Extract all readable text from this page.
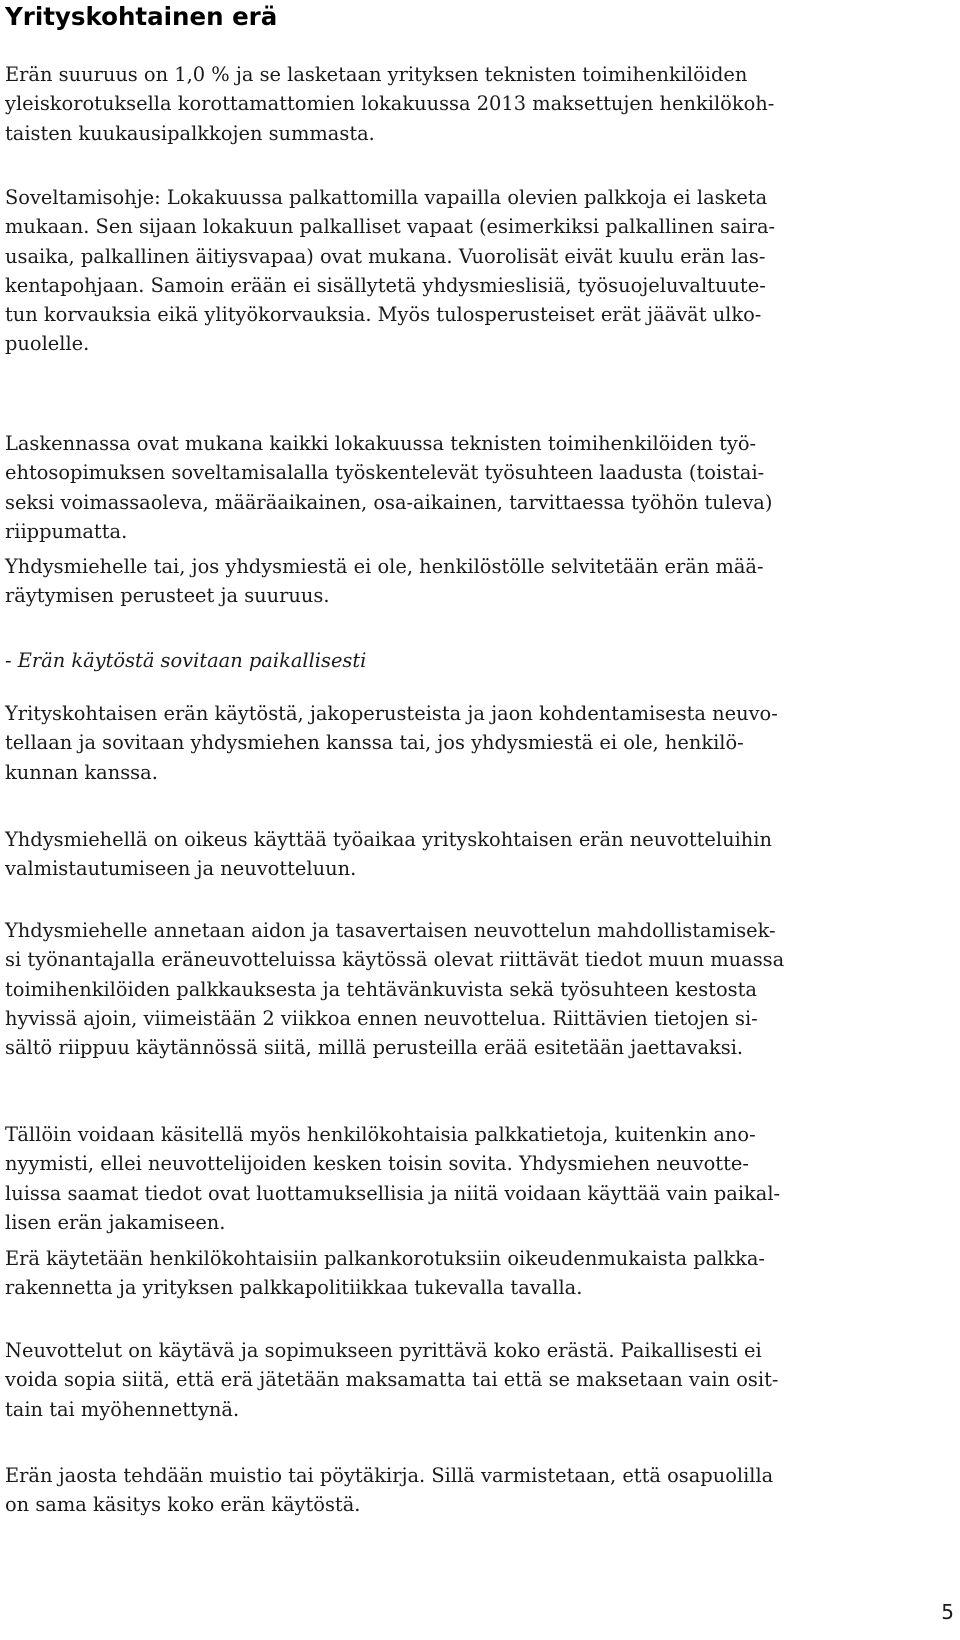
Yrityskohtainen erä
Erän suuruus on 1,0 % ja se lasketaan yrityksen teknisten toimihenkilöiden
yleiskorotuksella korottamattomien lokakuussa 2013 maksettujen henkilökoh-
taisten kuukausipalkkojen summasta.
Soveltamisohje: Lokakuussa palkattomilla vapailla olevien palkkoja ei lasketa
mukaan. Sen sijaan lokakuun palkalliset vapaat (esimerkiksi palkallinen saira-
usaika, palkallinen äitiysvapaa) ovat mukana. Vuorolisät eivät kuulu erän las-
kentapohjaan. Samoin erään ei sisällytetä yhdysmieslisiä, työsuojeluvaltuute-
tun korvauksia eikä ylityökorvauksia. Myös tulosperusteiset erät jäävät ulko-
puolelle.
Laskennassa ovat mukana kaikki lokakuussa teknisten toimihenkilöiden työ-
ehtosopimuksen soveltamisalalla työskentelevät työsuhteen laadusta (toistai-
seksi voimassaoleva, määräaikainen, osa-aikainen, tarvittaessa työhön tuleva)
riippumatta.
Yhdysmiehelle tai, jos yhdysmiestä ei ole, henkilöstölle selvitetään erän mää-
räytymisen perusteet ja suuruus.
- Erän käytöstä sovitaan paikallisesti
Yrityskohtaisen erän käytöstä, jakoperusteista ja jaon kohdentamisesta neuvo-
tellaan ja sovitaan yhdysmiehen kanssa tai, jos yhdysmiestä ei ole, henkilö-
kunnan kanssa.
Yhdysmiehellä on oikeus käyttää työaikaa yrityskohtaisen erän neuvotteluihin
valmistautumiseen ja neuvotteluun.
Yhdysmiehelle annetaan aidon ja tasavertaisen neuvottelun mahdollistamisek-
si työnantajalla eräneuvotteluissa käytössä olevat riittävät tiedot muun muassa
toimihenkilöiden palkkauksesta ja tehtävänkuvista sekä työsuhteen kestosta
hyvissä ajoin, viimeistään 2 viikkoa ennen neuvottelua. Riittävien tietojen si-
sältö riippuu käytännössä siitä, millä perusteilla erää esitetään jaettavaksi.
Tällöin voidaan käsitellä myös henkilökohtaisia palkkatietoja, kuitenkin ano-
nyymisti, ellei neuvottelijoiden kesken toisin sovita. Yhdysmiehen neuvotte-
luissa saamat tiedot ovat luottamuksellisia ja niitä voidaan käyttää vain paikal-
lisen erän jakamiseen.
Erä käytetään henkilökohtaisiin palkankorotuksiin oikeudenmukaista palkka-
rakennetta ja yrityksen palkkapolitiikkaa tukevalla tavalla.
Neuvottelut on käytävä ja sopimukseen pyrittävä koko erästä. Paikallisesti ei
voida sopia siitä, että erä jätetään maksamatta tai että se maksetaan vain osit-
tain tai myöhennettynä.
Erän jaosta tehdään muistio tai pöytäkirja. Sillä varmistetaan, että osapuolilla
on sama käsitys koko erän käytöstä.
5
